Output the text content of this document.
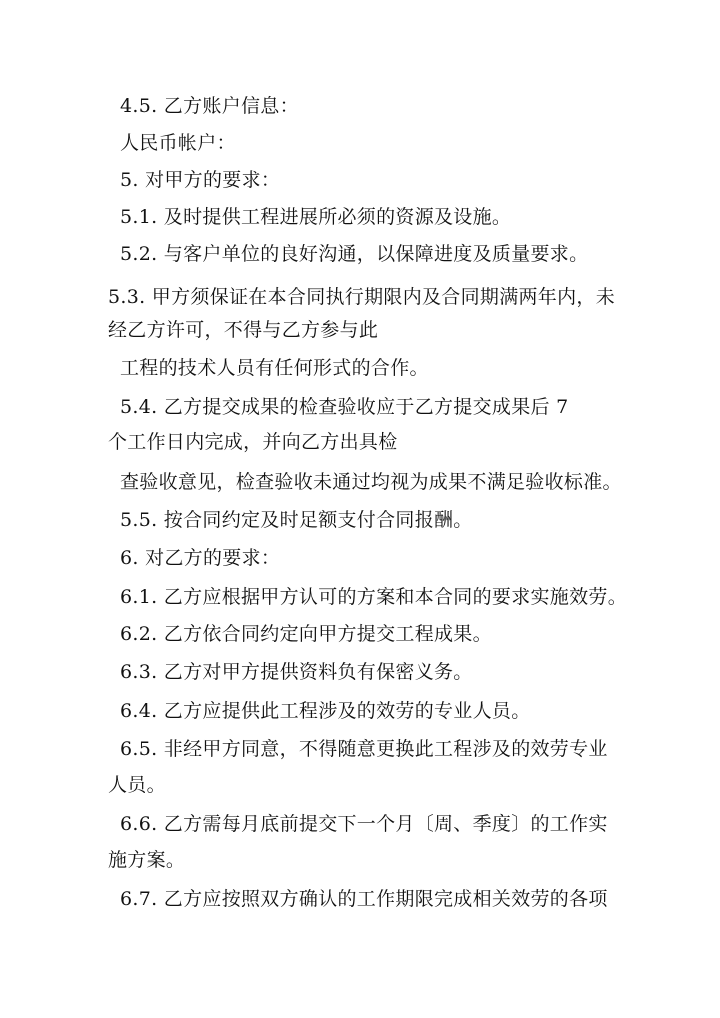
4.5. 乙方账户信息：
人民币帐户：
5. 对甲方的要求：
5.1. 及时提供工程进展所必须的资源及设施。
5.2. 与客户单位的良好沟通，以保障进度及质量要求。
5.3. 甲方须保证在本合同执行期限内及合同期满两年内，未
经乙方许可，不得与乙方参与此
工程的技术人员有任何形式的合作。
5.4. 乙方提交成果的检查验收应于乙方提交成果后 7
个工作日内完成，并向乙方出具检
查验收意见，检查验收未通过均视为成果不满足验收标准。
5.5. 按合同约定及时足额支付合同报酬。
6. 对乙方的要求：
6.1. 乙方应根据甲方认可的方案和本合同的要求实施效劳。
6.2. 乙方依合同约定向甲方提交工程成果。
6.3. 乙方对甲方提供资料负有保密义务。
6.4. 乙方应提供此工程涉及的效劳的专业人员。
6.5. 非经甲方同意，不得随意更换此工程涉及的效劳专业
人员。
6.6. 乙方需每月底前提交下一个月〔周、季度〕的工作实
施方案。
6.7. 乙方应按照双方确认的工作期限完成相关效劳的各项
